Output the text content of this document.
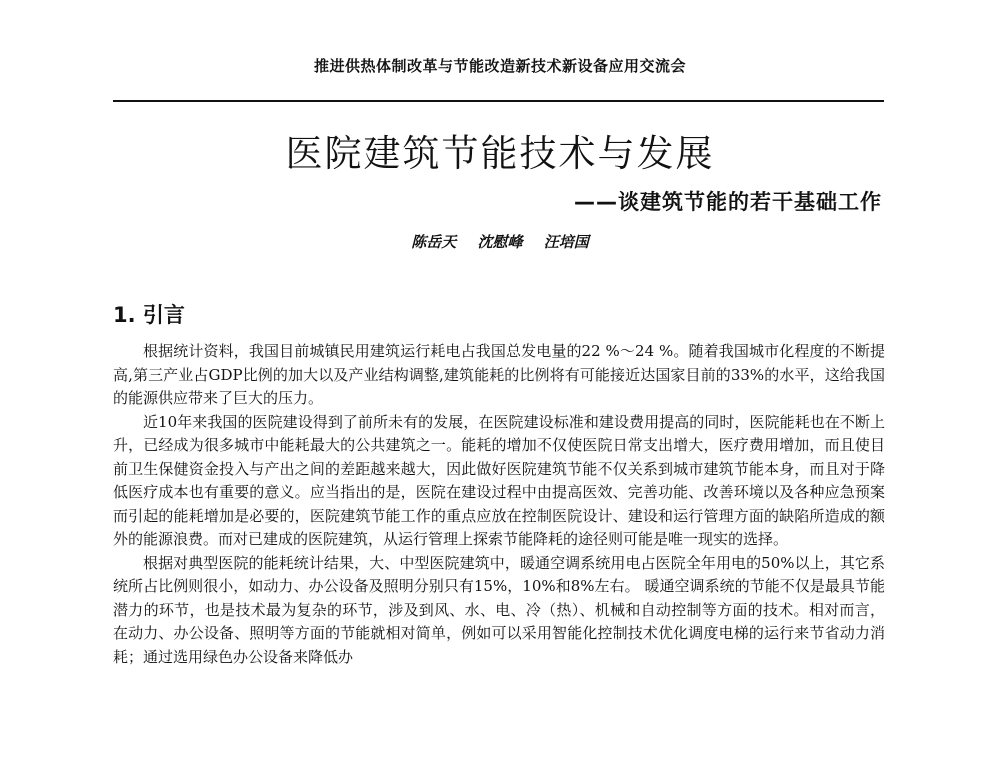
推进供热体制改革与节能改造新技术新设备应用交流会
医院建筑节能技术与发展
——谈建筑节能的若干基础工作
陈岳天 沈慰峰 汪培国
1. 引言

根据统计资料，我国目前城镇民用建筑运行耗电占我国总发电量的22 %～24 %。随着我国城市化程度的不断提高,第三产业占GDP比例的加大以及产业结构调整,建筑能耗的比例将有可能接近达国家目前的33%的水平，这给我国的能源供应带来了巨大的压力。

近10年来我国的医院建设得到了前所未有的发展，在医院建设标准和建设费用提高的同时，医院能耗也在不断上升，已经成为很多城市中能耗最大的公共建筑之一。能耗的增加不仅使医院日常支出增大，医疗费用增加，而且使目前卫生保健资金投入与产出之间的差距越来越大，因此做好医院建筑节能不仅关系到城市建筑节能本身，而且对于降低医疗成本也有重要的意义。应当指出的是，医院在建设过程中由提高医效、完善功能、改善环境以及各种应急预案而引起的能耗增加是必要的，医院建筑节能工作的重点应放在控制医院设计、建设和运行管理方面的缺陷所造成的额外的能源浪费。而对已建成的医院建筑，从运行管理上探索节能降耗的途径则可能是唯一现实的选择。

根据对典型医院的能耗统计结果，大、中型医院建筑中，暖通空调系统用电占医院全年用电的50%以上，其它系统所占比例则很小，如动力、办公设备及照明分别只有15%，10%和8%左右。 暖通空调系统的节能不仅是最具节能潜力的环节，也是技术最为复杂的环节，涉及到风、水、电、冷（热）、机械和自动控制等方面的技术。相对而言，在动力、办公设备、照明等方面的节能就相对简单，例如可以采用智能化控制技术优化调度电梯的运行来节省动力消耗；通过选用绿色办公设备来降低办
